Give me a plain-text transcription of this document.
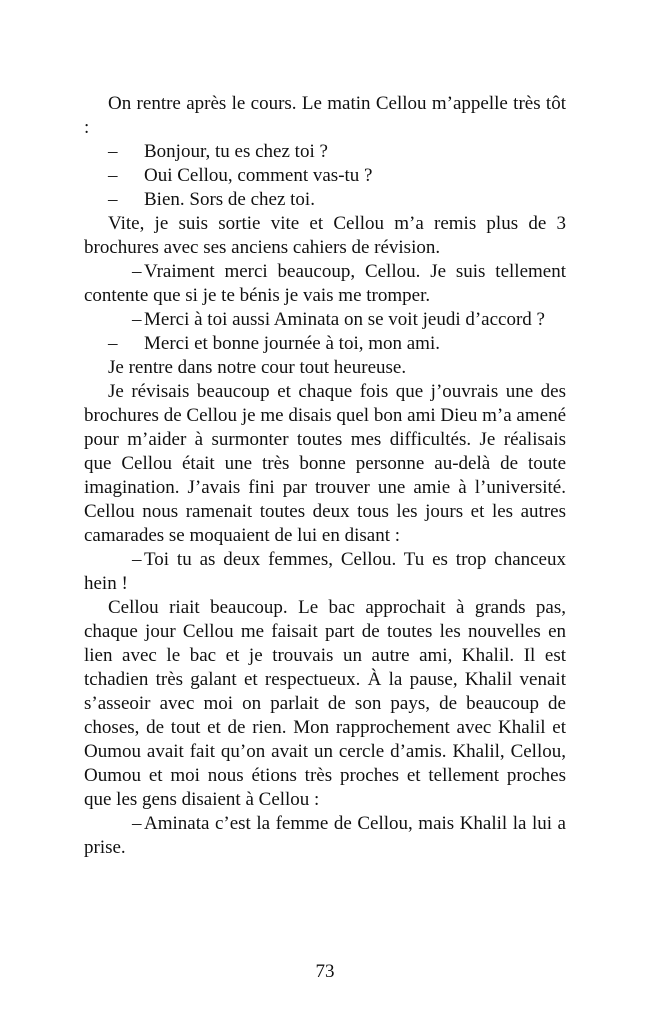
On rentre après le cours. Le matin Cellou m’appelle très tôt :

– Bonjour, tu es chez toi ?

– Oui Cellou, comment vas-tu ?

– Bien. Sors de chez toi.

Vite, je suis sortie vite et Cellou m’a remis plus de 3 brochures avec ses anciens cahiers de révision.

– Vraiment merci beaucoup, Cellou. Je suis tellement contente que si je te bénis je vais me tromper.

– Merci à toi aussi Aminata on se voit jeudi d’accord ?

– Merci et bonne journée à toi, mon ami.

Je rentre dans notre cour tout heureuse.

Je révisais beaucoup et chaque fois que j’ouvrais une des brochures de Cellou je me disais quel bon ami Dieu m’a amené pour m’aider à surmonter toutes mes difficultés. Je réalisais que Cellou était une très bonne personne au-delà de toute imagination. J’avais fini par trouver une amie à l’université. Cellou nous ramenait toutes deux tous les jours et les autres camarades se moquaient de lui en disant :

– Toi tu as deux femmes, Cellou. Tu es trop chanceux hein !

Cellou riait beaucoup. Le bac approchait à grands pas, chaque jour Cellou me faisait part de toutes les nouvelles en lien avec le bac et je trouvais un autre ami, Khalil. Il est tchadien très galant et respectueux. À la pause, Khalil venait s’asseoir avec moi on parlait de son pays, de beaucoup de choses, de tout et de rien. Mon rapprochement avec Khalil et Oumou avait fait qu’on avait un cercle d’amis. Khalil, Cellou, Oumou et moi nous étions très proches et tellement proches que les gens disaient à Cellou :

– Aminata c’est la femme de Cellou, mais Khalil la lui a prise.

73
